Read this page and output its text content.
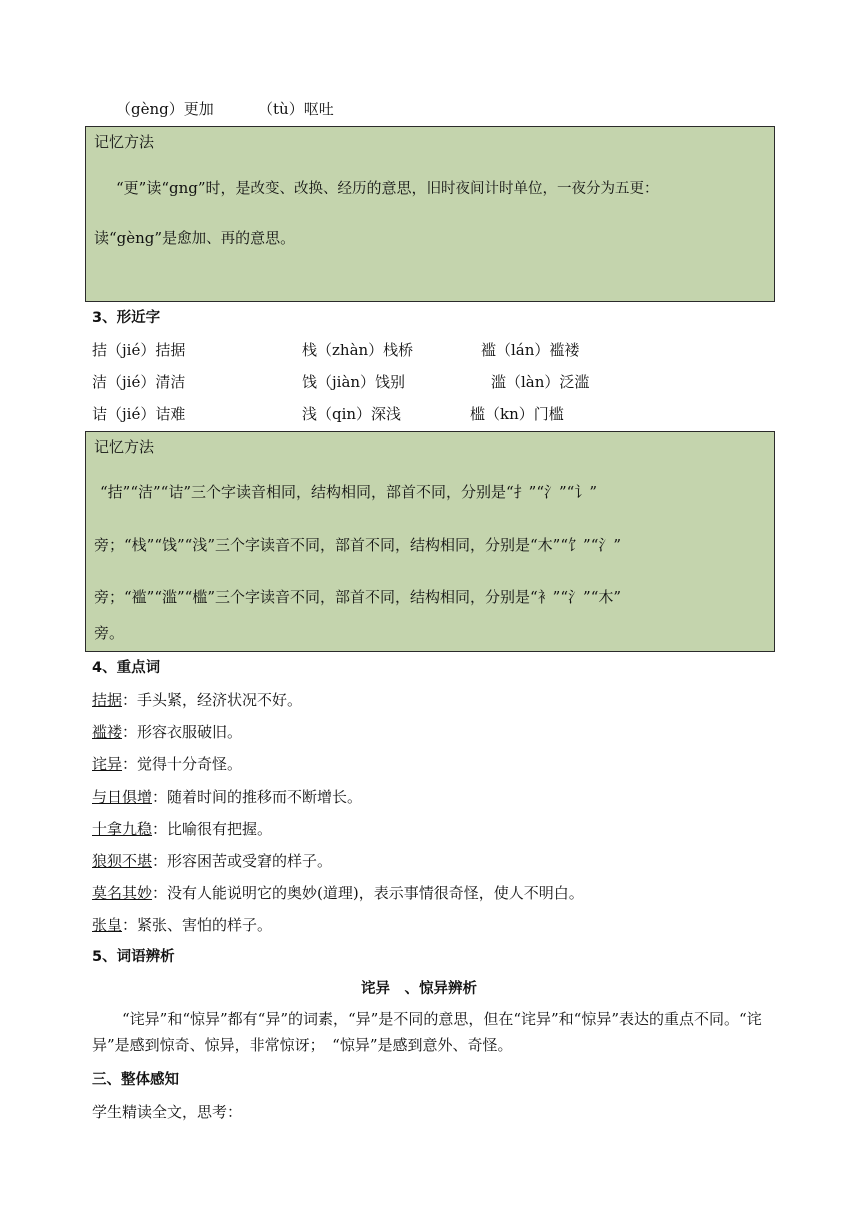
（gèng）更加	（tù）呕吐
记忆方法
“更”读“gng”时，是改变、改换、经历的意思，旧时夜间计时单位，一夜分为五更：
读“gèng”是愈加、再的意思。
3、形近字
拮（jié）拮据	栈（zhàn）栈桥	褴（lán）褴褛
洁（jié）清洁	饯（jiàn）饯别	滥（làn）泛滥
诘（jié）诘难	浅（qin）深浅	槛（kn）门槛
记忆方法
“拮”“洁”“诘”三个字读音相同，结构相同，部首不同，分别是“扌”“氵”“讠”
旁；“栈”“饯”“浅”三个字读音不同，部首不同，结构相同，分别是“木”“饣”“氵”
旁；“褴”“滥”“槛”三个字读音不同，部首不同，结构相同，分别是“衤”“氵”“木”
旁。
4、重点词
拮据：手头紧，经济状况不好。
褴褛：形容衣服破旧。
诧异：觉得十分奇怪。
与日俱增：随着时间的推移而不断增长。
十拿九稳：比喻很有把握。
狼狈不堪：形容困苦或受窘的样子。
莫名其妙：没有人能说明它的奥妙(道理)，表示事情很奇怪，使人不明白。
张皇：紧张、害怕的样子。
5、词语辨析
诧异　、惊异辨析
“诧异”和“惊异”都有“异”的词素，“异”是不同的意思，但在“诧异”和“惊异”表达的重点不同。“诧异”是感到惊奇、惊异，非常惊讶；　“惊异”是感到意外、奇怪。
三、整体感知
学生精读全文，思考：
